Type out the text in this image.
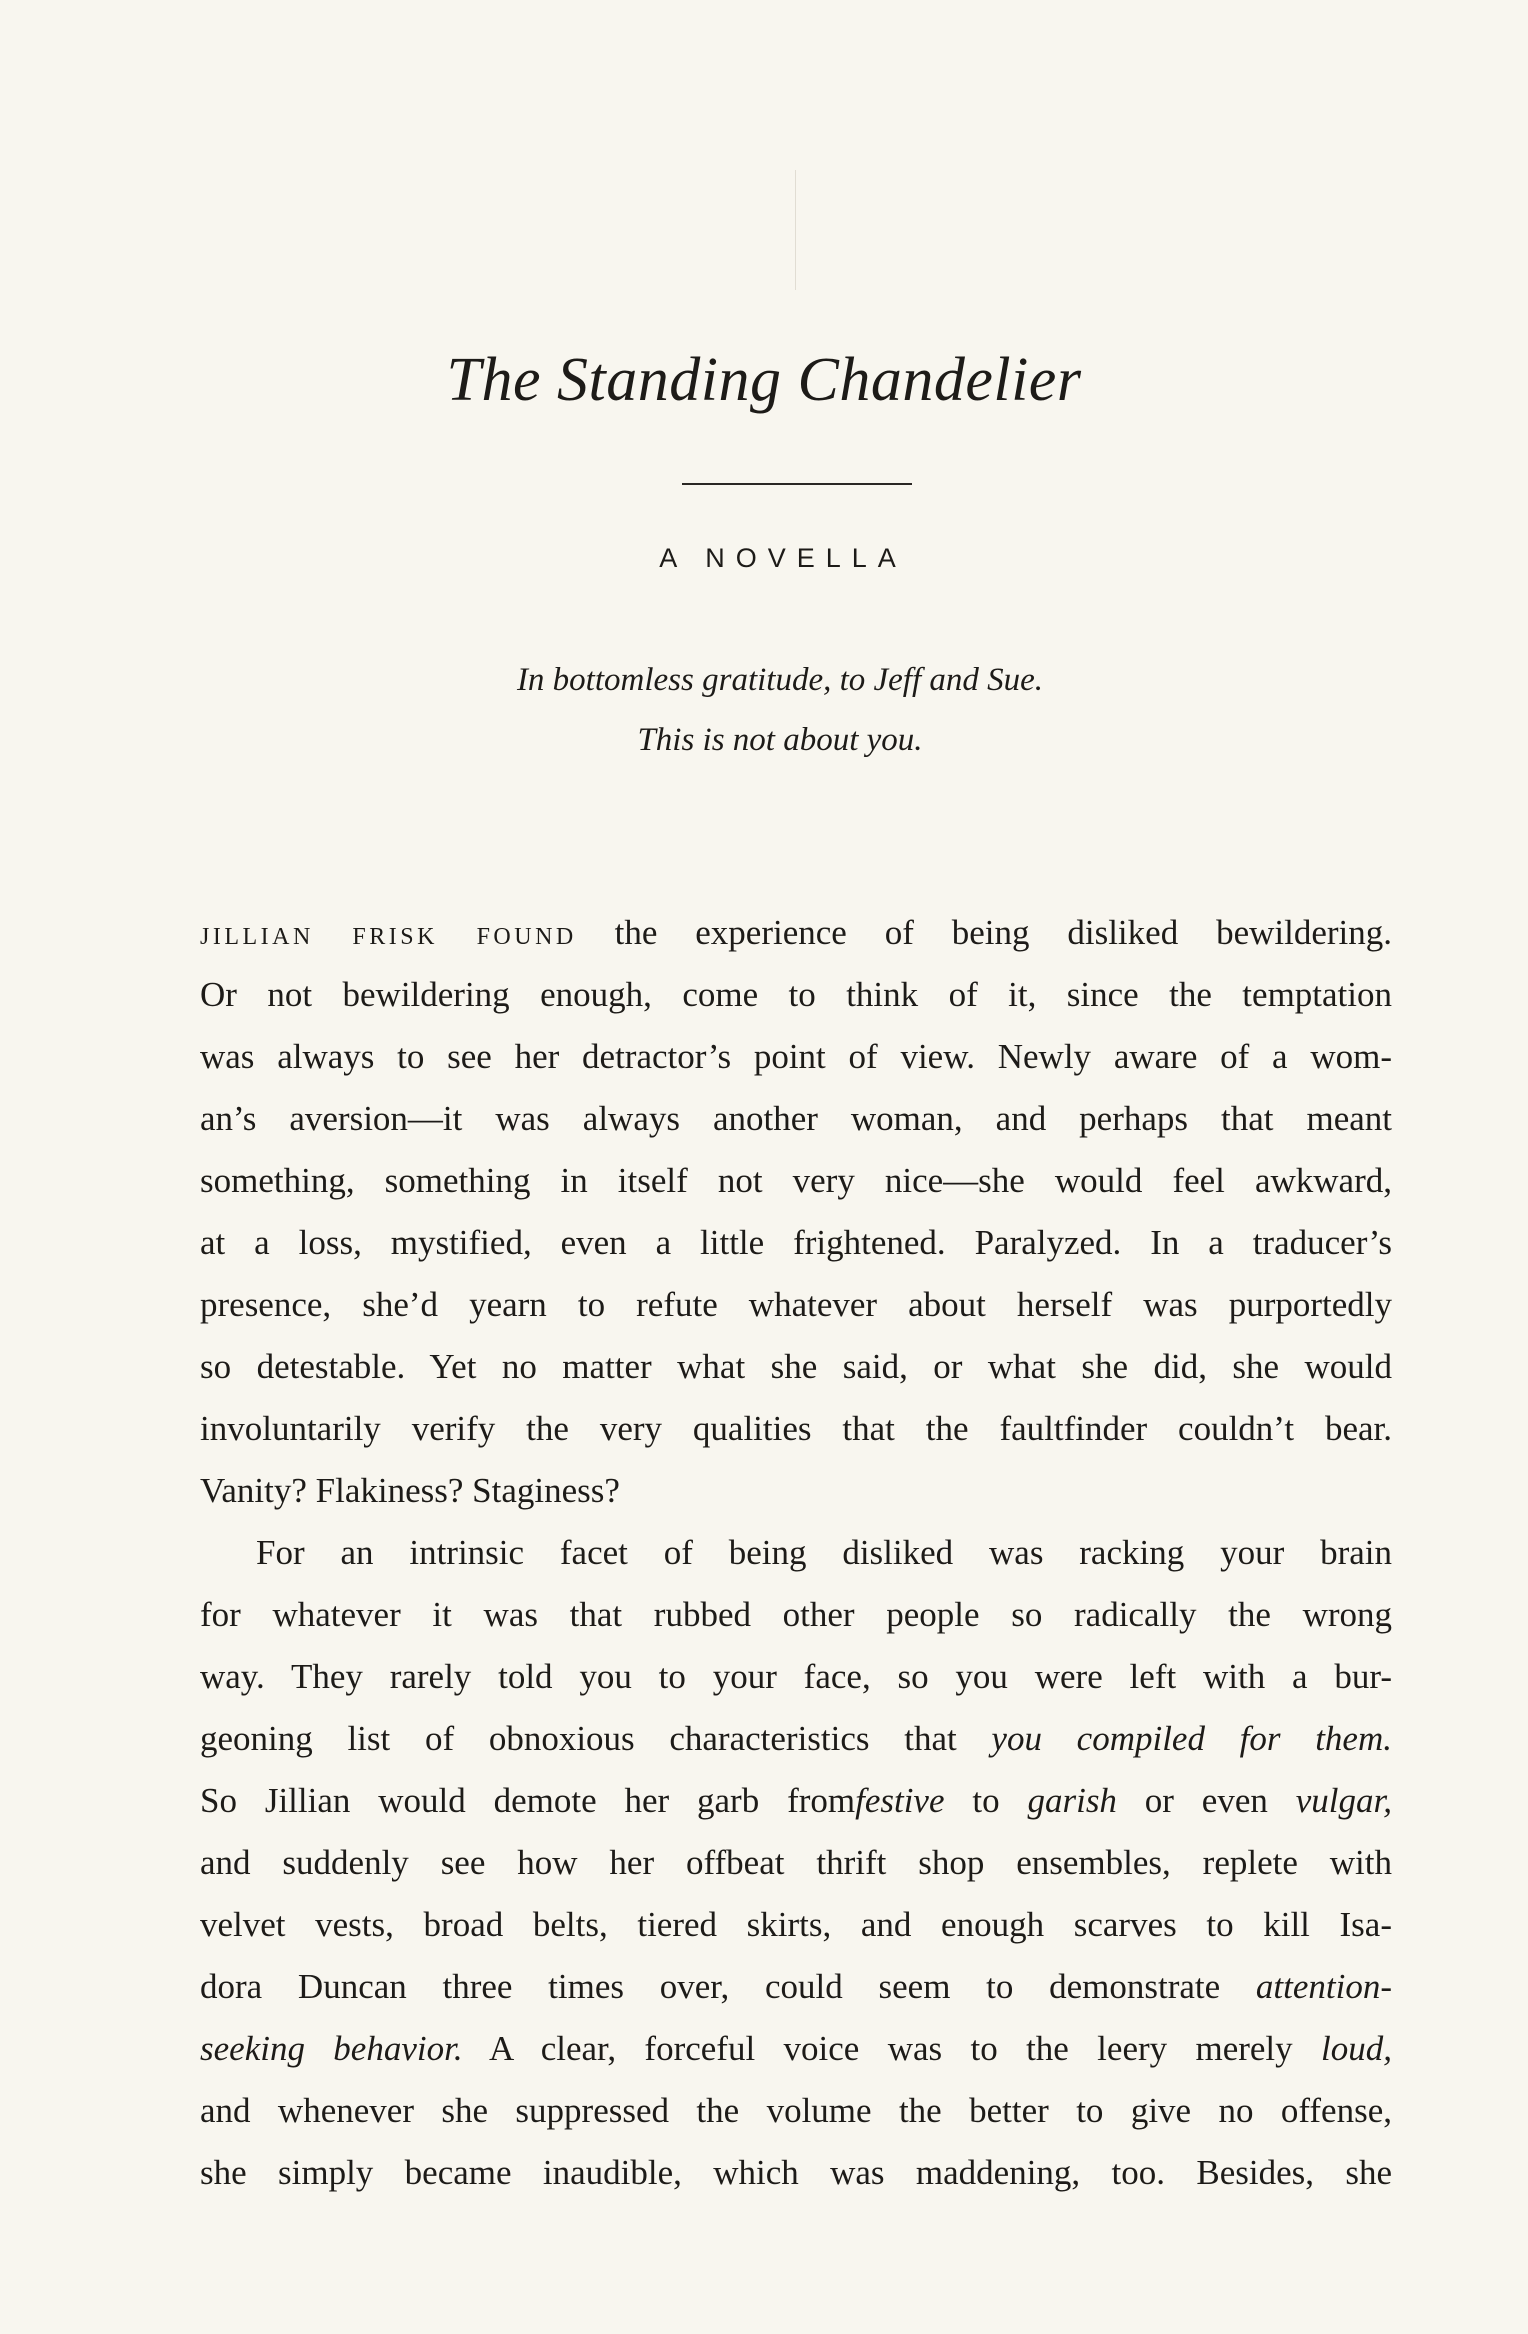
The Standing Chandelier
A NOVELLA
In bottomless gratitude, to Jeff and Sue.
This is not about you.
JILLIAN FRISK FOUND the experience of being disliked bewildering.
Or not bewildering enough, come to think of it, since the temptation
was always to see her detractor’s point of view. Newly aware of a wom-
an’s aversion—it was always another woman, and perhaps that meant
something, something in itself not very nice—she would feel awkward,
at a loss, mystified, even a little frightened. Paralyzed. In a traducer’s
presence, she’d yearn to refute whatever about herself was purportedly
so detestable. Yet no matter what she said, or what she did, she would
involuntarily verify the very qualities that the faultfinder couldn’t bear.
Vanity? Flakiness? Staginess?
For an intrinsic facet of being disliked was racking your brain
for whatever it was that rubbed other people so radically the wrong
way. They rarely told you to your face, so you were left with a bur-
geoning list of obnoxious characteristics that you compiled for them.
So Jillian would demote her garb fromfestive to garish or even vulgar,
and suddenly see how her offbeat thrift shop ensembles, replete with
velvet vests, broad belts, tiered skirts, and enough scarves to kill Isa-
dora Duncan three times over, could seem to demonstrate attention-
seeking behavior. A clear, forceful voice was to the leery merely loud,
and whenever she suppressed the volume the better to give no offense,
she simply became inaudible, which was maddening, too. Besides, she
